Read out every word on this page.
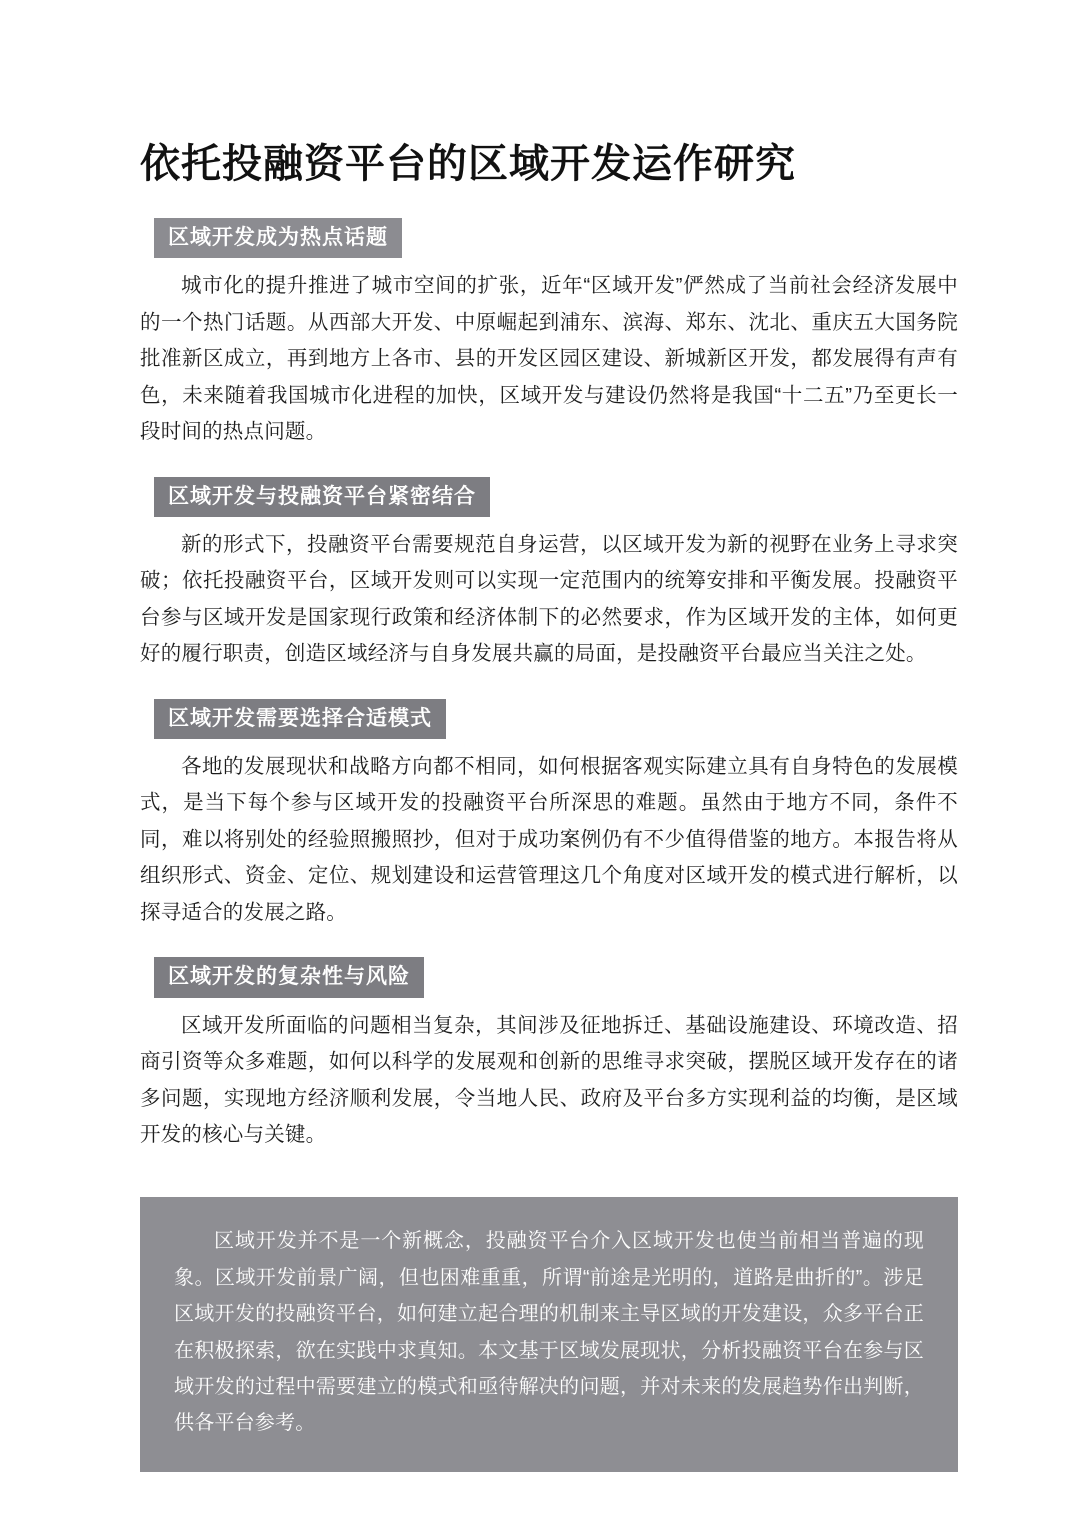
依托投融资平台的区域开发运作研究
区域开发成为热点话题

城市化的提升推进了城市空间的扩张，近年“区域开发”俨然成了当前社会经济发展中的一个热门话题。从西部大开发、中原崛起到浦东、滨海、郑东、沈北、重庆五大国务院批准新区成立，再到地方上各市、县的开发区园区建设、新城新区开发，都发展得有声有色，未来随着我国城市化进程的加快，区域开发与建设仍然将是我国“十二五”乃至更长一段时间的热点问题。

区域开发与投融资平台紧密结合

新的形式下，投融资平台需要规范自身运营，以区域开发为新的视野在业务上寻求突破；依托投融资平台，区域开发则可以实现一定范围内的统筹安排和平衡发展。投融资平台参与区域开发是国家现行政策和经济体制下的必然要求，作为区域开发的主体，如何更好的履行职责，创造区域经济与自身发展共赢的局面，是投融资平台最应当关注之处。

区域开发需要选择合适模式

各地的发展现状和战略方向都不相同，如何根据客观实际建立具有自身特色的发展模式，是当下每个参与区域开发的投融资平台所深思的难题。虽然由于地方不同，条件不同，难以将别处的经验照搬照抄，但对于成功案例仍有不少值得借鉴的地方。本报告将从组织形式、资金、定位、规划建设和运营管理这几个角度对区域开发的模式进行解析，以探寻适合的发展之路。

区域开发的复杂性与风险

区域开发所面临的问题相当复杂，其间涉及征地拆迁、基础设施建设、环境改造、招商引资等众多难题，如何以科学的发展观和创新的思维寻求突破，摆脱区域开发存在的诸多问题，实现地方经济顺利发展，令当地人民、政府及平台多方实现利益的均衡，是区域开发的核心与关键。

区域开发并不是一个新概念，投融资平台介入区域开发也使当前相当普遍的现象。区域开发前景广阔，但也困难重重，所谓“前途是光明的，道路是曲折的”。涉足区域开发的投融资平台，如何建立起合理的机制来主导区域的开发建设，众多平台正在积极探索，欲在实践中求真知。本文基于区域发展现状，分析投融资平台在参与区域开发的过程中需要建立的模式和亟待解决的问题，并对未来的发展趋势作出判断，供各平台参考。
